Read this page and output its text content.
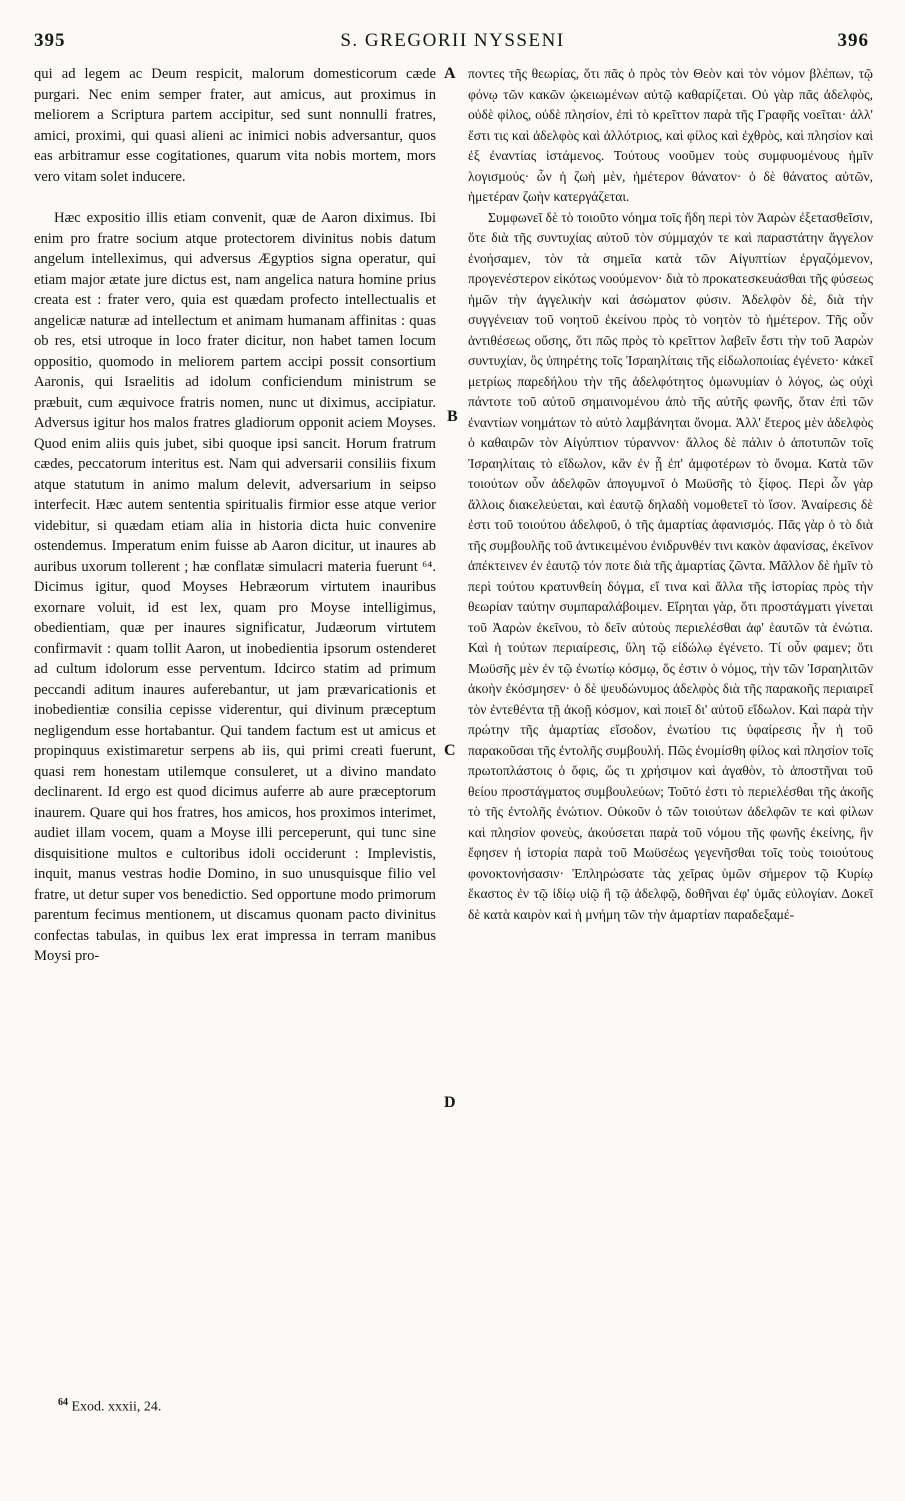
395	S. GREGORII NYSSENI	396

qui ad legem ac Deum respicit, malorum domesticorum cæde purgari. Nec enim semper frater, aut amicus, aut proximus in meliorem a Scriptura partem accipitur, sed sunt nonnulli fratres, amici, proximi, qui quasi alieni ac inimici nobis adversantur, quos eas arbitramur esse cogitationes, quarum vita nobis mortem, mors vero vitam solet inducere.

Hæc expositio illis etiam convenit, quæ de Aaron diximus. Ibi enim pro fratre socium atque protectorem divinitus nobis datum angelum intelleximus, qui adversus Ægyptios signa operatur, qui etiam major ætate jure dictus est, nam angelica natura homine prius creata est : frater vero, quia est quædam profecto intellectualis et angelicæ naturæ ad intellectum et animam humanam affinitas : quas ob res, etsi utroque in loco frater dicitur, non habet tamen locum oppositio, quomodo in meliorem partem accipi possit consortium Aaronis, qui Israelitis ad idolum conficiendum ministrum se præbuit, cum æquivoce fratris nomen, nunc ut diximus, accipiatur. Adversus igitur hos malos fratres gladiorum opponit aciem Moyses. Quod enim aliis quis jubet, sibi quoque ipsi sancit. Horum fratrum cædes, peccatorum interitus est. Nam qui adversarii consiliis fixum atque statutum in animo malum delevit, adversarium in seipso interfecit. Hæc autem sententia spiritualis firmior esse atque verior videbitur, si quædam etiam alia in historia dicta huic convenire ostendemus. Imperatum enim fuisse ab Aaron dicitur, ut inaures ab auribus uxorum tollerent ; hæ conflatæ simulacri materia fuerunt ⁶⁴. Dicimus igitur, quod Moyses Hebræorum virtutem inauribus exornare voluit, id est lex, quam pro Moyse intelligimus, obedientiam, quæ per inaures significatur, Judæorum virtutem confirmavit : quam tollit Aaron, ut inobedientia ipsorum ostenderet ad cultum idolorum esse perventum. Idcirco statim ad primum peccandi aditum inaures auferebantur, ut jam prævaricationis et inobedientiæ consilia cepisse viderentur, qui divinum præceptum negligendum esse hortabantur. Qui tandem factum est ut amicus et propinquus existimaretur serpens ab iis, qui primi creati fuerunt, quasi rem honestam utilemque consuleret, ut a divino mandato declinarent. Id ergo est quod dicimus auferre ab aure præceptorum inaurem. Quare qui hos fratres, hos amicos, hos proximos interimet, audiet illam vocem, quam a Moyse illi perceperunt, qui tunc sine disquisitione multos e cultoribus idoli occiderunt : Implevistis, inquit, manus vestras hodie Domino, in suo unusquisque filio vel fratre, ut detur super vos benedictio. Sed opportune modo primorum parentum fecimus mentionem, ut discamus quonam pacto divinitus confectas tabulas, in quibus lex erat impressa in terram manibus Moysi pro-

A
B
C
D

ποντες τῆς θεωρίας, ὅτι πᾶς ὁ πρὸς τὸν Θεὸν καὶ τὸν νόμον βλέπων, τῷ φόνῳ τῶν κακῶν ᾠκειωμένων αὐτῷ καθαρίζεται. Οὐ γὰρ πᾶς ἀδελφὸς, οὐδὲ φίλος, οὐδὲ πλησίον, ἐπὶ τὸ κρεῖττον παρὰ τῆς Γραφῆς νοεῖται· ἀλλ' ἔστι τις καὶ ἀδελφὸς καὶ ἀλλότριος, καὶ φίλος καὶ ἐχθρὸς, καὶ πλησίον καὶ ἐξ ἐναντίας ἱστάμενος. Τούτους νοοῦμεν τοὺς συμφυομένους ἡμῖν λογισμούς· ὧν ἡ ζωὴ μὲν, ἡμέτερον θάνατον· ὁ δὲ θάνατος αὐτῶν, ἡμετέραν ζωὴν κατεργάζεται.

Συμφωνεῖ δὲ τὸ τοιοῦτο νόημα τοῖς ἤδη περὶ τὸν Ἀαρὼν ἐξετασθεῖσιν, ὅτε διὰ τῆς συντυχίας αὐτοῦ τὸν σύμμαχόν τε καὶ παραστάτην ἄγγελον ἐνοήσαμεν, τὸν τὰ σημεῖα κατὰ τῶν Αἰγυπτίων ἐργαζόμενον, προγενέστερον εἰκότως νοούμενον· διὰ τὸ προκατεσκευάσθαι τῆς φύσεως ἡμῶν τὴν ἀγγελικὴν καὶ ἀσώματον φύσιν. Ἀδελφὸν δὲ, διὰ τὴν συγγένειαν τοῦ νοητοῦ ἐκείνου πρὸς τὸ νοητὸν τὸ ἡμέτερον. Τῆς οὖν ἀντιθέσεως οὔσης, ὅτι πῶς πρὸς τὸ κρεῖττον λαβεῖν ἔστι τὴν τοῦ Ἀαρὼν συντυχίαν, ὃς ὑπηρέτης τοῖς Ἰσραηλίταις τῆς εἰδωλοποιίας ἐγένετο· κἀκεῖ μετρίως παρεδήλου τὴν τῆς ἀδελφότητος ὁμωνυμίαν ὁ λόγος, ὡς οὐχὶ πάντοτε τοῦ αὐτοῦ σημαινομένου ἀπὸ τῆς αὐτῆς φωνῆς, ὅταν ἐπὶ τῶν ἐναντίων νοημάτων τὸ αὐτὸ λαμβάνηται ὄνομα. Ἀλλ' ἕτερος μὲν ἀδελφὸς ὁ καθαιρῶν τὸν Αἰγύπτιον τύραννον· ἄλλος δὲ πάλιν ὁ ἀποτυπῶν τοῖς Ἰσραηλίταις τὸ εἴδωλον, κἂν ἐν ᾗ ἐπ' ἀμφοτέρων τὸ ὄνομα. Κατὰ τῶν τοιούτων οὖν ἀδελφῶν ἀπογυμνοῖ ὁ Μωϋσῆς τὸ ξίφος. Περὶ ὧν γὰρ ἄλλοις διακελεύεται, καὶ ἑαυτῷ δηλαδὴ νομοθετεῖ τὸ ἴσον. Ἀναίρεσις δὲ ἐστι τοῦ τοιούτου ἀδελφοῦ, ὁ τῆς ἁμαρτίας ἀφανισμός. Πᾶς γὰρ ὁ τὸ διὰ τῆς συμβουλῆς τοῦ ἀντικειμένου ἐνιδρυνθέν τινι κακὸν ἀφανίσας, ἐκεῖνον ἀπέκτεινεν ἐν ἑαυτῷ τόν ποτε διὰ τῆς ἁμαρτίας ζῶντα. Μᾶλλον δὲ ἡμῖν τὸ περὶ τούτου κρατυνθείη δόγμα, εἴ τινα καὶ ἄλλα τῆς ἱστορίας πρὸς τὴν θεωρίαν ταύτην συμπαραλάβοιμεν. Εἴρηται γὰρ, ὅτι προστάγματι γίνεται τοῦ Ἀαρὼν ἐκεῖνου, τὸ δεῖν αὐτοὺς περιελέσθαι ἀφ' ἑαυτῶν τὰ ἐνώτια. Καὶ ἡ τούτων περιαίρεσις, ὕλη τῷ εἰδώλῳ ἐγένετο. Τί οὖν φαμεν; ὅτι Μωϋσῆς μὲν ἐν τῷ ἐνωτίῳ κόσμῳ, ὅς ἐστιν ὁ νόμος, τὴν τῶν Ἰσραηλιτῶν ἀκοὴν ἐκόσμησεν· ὁ δὲ ψευδώνυμος ἀδελφὸς διὰ τῆς παρακοῆς περιαιρεῖ τὸν ἐντεθέντα τῇ ἀκοῇ κόσμον, καὶ ποιεῖ δι' αὐτοῦ εἴδωλον. Καὶ παρὰ τὴν πρώτην τῆς ἁμαρτίας εἴσοδον, ἐνωτίου τις ὑφαίρεσις ἦν ἡ τοῦ παρακοῦσαι τῆς ἐντολῆς συμβουλή. Πῶς ἐνομίσθη φίλος καὶ πλησίον τοῖς πρωτοπλάστοις ὁ ὄφις, ὥς τι χρήσιμον καὶ ἀγαθὸν, τὸ ἀποστῆναι τοῦ θείου προστάγματος συμβουλεύων; Τοῦτό ἐστι τὸ περιελέσθαι τῆς ἀκοῆς τὸ τῆς ἐντολῆς ἐνώτιον. Οὐκοῦν ὁ τῶν τοιούτων ἀδελφῶν τε καὶ φίλων καὶ πλησίον φονεὺς, ἀκούσεται παρὰ τοῦ νόμου τῆς φωνῆς ἐκείνης, ἣν ἔφησεν ἡ ἱστορία παρὰ τοῦ Μωϋσέως γεγενῆσθαι τοῖς τοὺς τοιούτους φονοκτονήσασιν· Ἐπληρώσατε τὰς χεῖρας ὑμῶν σήμερον τῷ Κυρίῳ ἕκαστος ἐν τῷ ἰδίῳ υἱῷ ἢ τῷ ἀδελφῷ, δοθῆναι ἐφ' ὑμᾶς εὐλογίαν. Δοκεῖ δὲ κατὰ καιρὸν καὶ ἡ μνήμη τῶν τὴν ἁμαρτίαν παραδεξαμέ-

$^{64}$ Exod. xxxii, 24.
